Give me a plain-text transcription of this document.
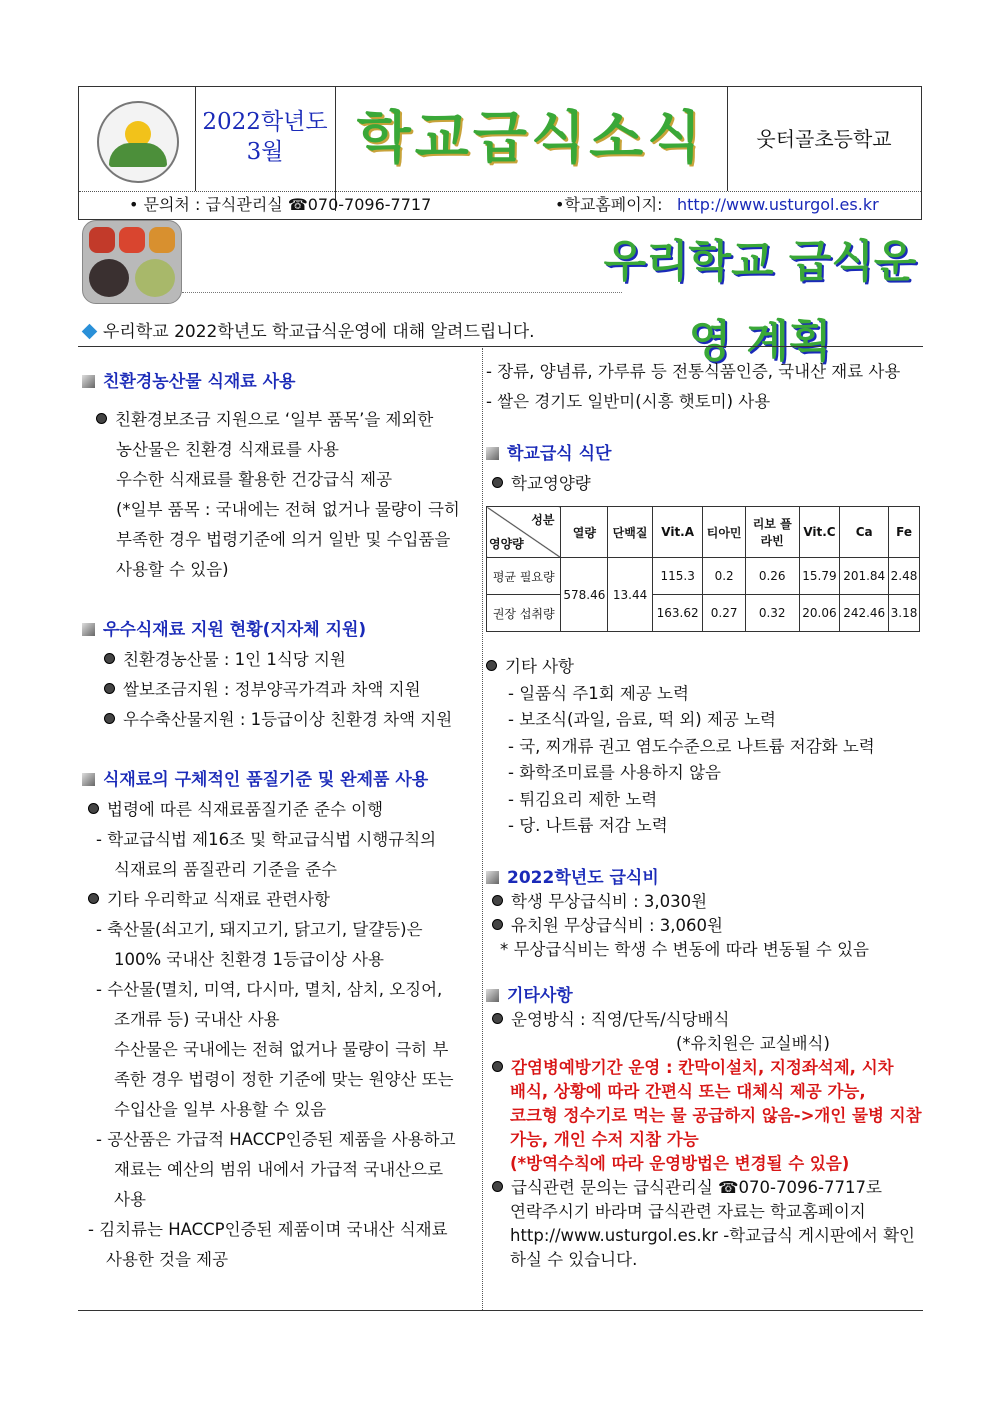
2022학년도
3월	학교급식소식	웃터골초등학교
• 문의처 : 급식관리실 ☎070-7096-7717	•학교홈페이지: http://www.usturgol.es.kr
우리학교 급식운영 계획
우리학교 2022학년도 학교급식운영에 대해 알려드립니다.

친환경농산물 식재료 사용

친환경보조금 지원으로 ‘일부 품목’을 제외한

농산물은 친환경 식재료를 사용

우수한 식재료를 활용한 건강급식 제공

(*일부 품목 : 국내에는 전혀 없거나 물량이 극히

부족한 경우 법령기준에 의거 일반 및 수입품을

사용할 수 있음)

우수식재료 지원 현황(지자체 지원)

친환경농산물 : 1인 1식당 지원

쌀보조금지원 : 정부양곡가격과 차액 지원

우수축산물지원 : 1등급이상 친환경 차액 지원

식재료의 구체적인 품질기준 및 완제품 사용

법령에 따른 식재료품질기준 준수 이행

- 학교급식법 제16조 및 학교급식법 시행규칙의

식재료의 품질관리 기준을 준수

기타 우리학교 식재료 관련사항

- 축산물(쇠고기, 돼지고기, 닭고기, 달걀등)은

100% 국내산 친환경 1등급이상 사용

- 수산물(멸치, 미역, 다시마, 멸치, 삼치, 오징어,

조개류 등) 국내산 사용

수산물은 국내에는 전혀 없거나 물량이 극히 부

족한 경우 법령이 정한 기준에 맞는 원양산 또는

수입산을 일부 사용할 수 있음

- 공산품은 가급적 HACCP인증된 제품을 사용하고

재료는 예산의 범위 내에서 가급적 국내산으로

사용

- 김치류는 HACCP인증된 제품이며 국내산 식재료

사용한 것을 제공

- 장류, 양념류, 가루류 등 전통식품인증, 국내산 재료 사용

- 쌀은 경기도 일반미(시흥 햇토미) 사용

학교급식 식단

학교영양량

성분
영양량	열량	단백질	Vit.A	티아민	리보 플라빈	Vit.C	Ca	Fe
평균 필요량	578.46	13.44	115.3	0.2	0.26	15.79	201.84	2.48
권장 섭취량			163.62	0.27	0.32	20.06	242.46	3.18

기타 사항

- 일품식 주1회 제공 노력

- 보조식(과일, 음료, 떡 외) 제공 노력

- 국, 찌개류 권고 염도수준으로 나트륨 저감화 노력

- 화학조미료를 사용하지 않음

- 튀김요리 제한 노력

- 당. 나트륨 저감 노력

2022학년도 급식비

학생 무상급식비 : 3,030원

유치원 무상급식비 : 3,060원

* 무상급식비는 학생 수 변동에 따라 변동될 수 있음

기타사항

운영방식 : 직영/단독/식당배식

(*유치원은 교실배식)

감염병예방기간 운영 : 칸막이설치, 지정좌석제, 시차

배식, 상황에 따라 간편식 또는 대체식 제공 가능,

코크형 정수기로 먹는 물 공급하지 않음->개인 물병 지참

가능, 개인 수저 지참 가능

(*방역수칙에 따라 운영방법은 변경될 수 있음)

급식관련 문의는 급식관리실 ☎070-7096-7717로

연락주시기 바라며 급식관련 자료는 학교홈페이지

http://www.usturgol.es.kr -학교급식 게시판에서 확인

하실 수 있습니다.
